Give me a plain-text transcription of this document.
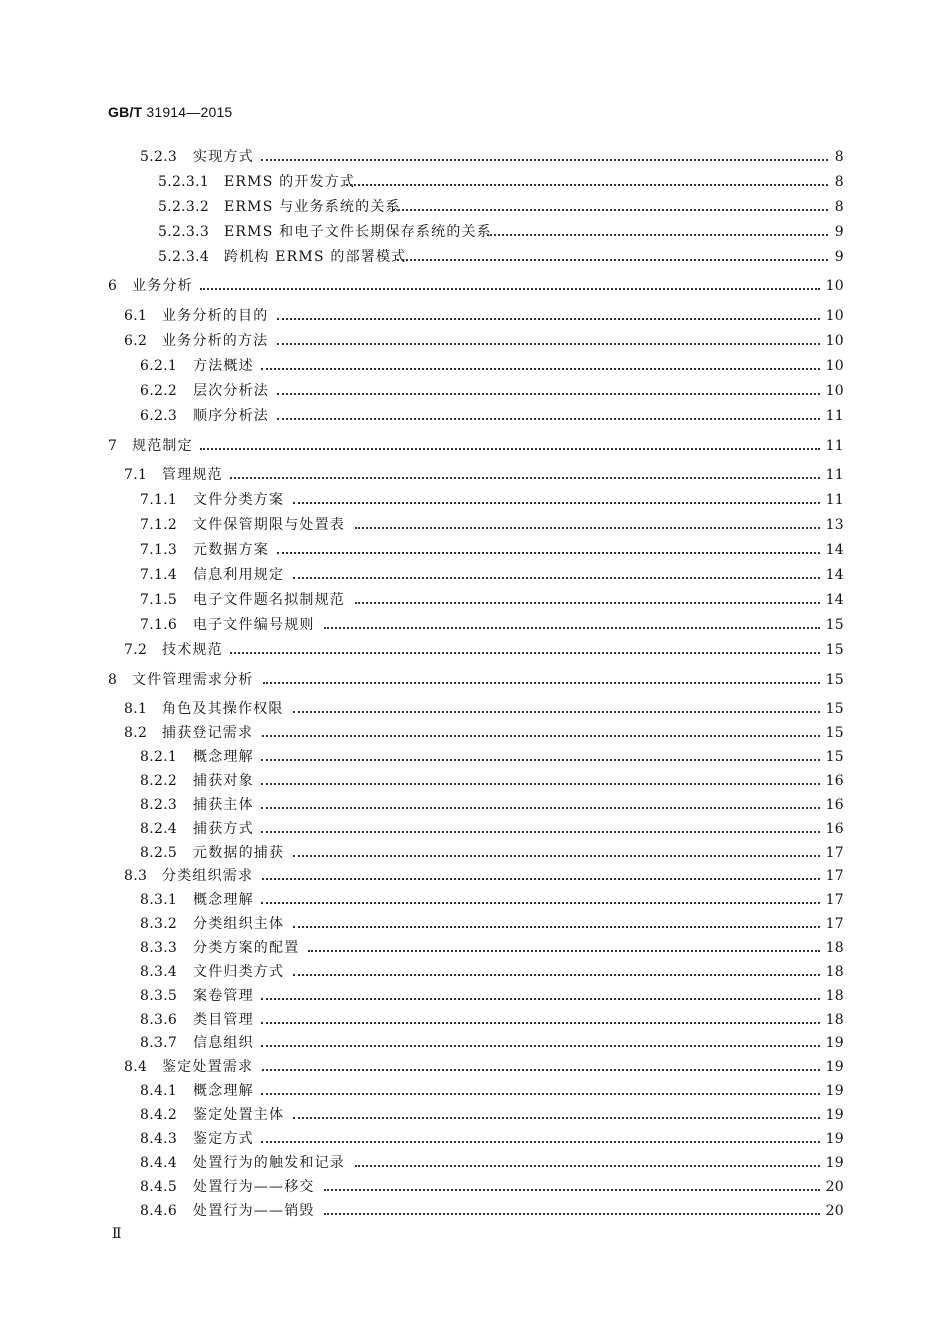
GB/T 31914—2015
5.2.3 实现方式	8
5.2.3.1 ERMS 的开发方式	8
5.2.3.2 ERMS 与业务系统的关系	8
5.2.3.3 ERMS 和电子文件长期保存系统的关系	9
5.2.3.4 跨机构 ERMS 的部署模式	9
6 业务分析	10
6.1 业务分析的目的	10
6.2 业务分析的方法	10
6.2.1 方法概述	10
6.2.2 层次分析法	10
6.2.3 顺序分析法	11
7 规范制定	11
7.1 管理规范	11
7.1.1 文件分类方案	11
7.1.2 文件保管期限与处置表	13
7.1.3 元数据方案	14
7.1.4 信息利用规定	14
7.1.5 电子文件题名拟制规范	14
7.1.6 电子文件编号规则	15
7.2 技术规范	15
8 文件管理需求分析	15
8.1 角色及其操作权限	15
8.2 捕获登记需求	15
8.2.1 概念理解	15
8.2.2 捕获对象	16
8.2.3 捕获主体	16
8.2.4 捕获方式	16
8.2.5 元数据的捕获	17
8.3 分类组织需求	17
8.3.1 概念理解	17
8.3.2 分类组织主体	17
8.3.3 分类方案的配置	18
8.3.4 文件归类方式	18
8.3.5 案卷管理	18
8.3.6 类目管理	18
8.3.7 信息组织	19
8.4 鉴定处置需求	19
8.4.1 概念理解	19
8.4.2 鉴定处置主体	19
8.4.3 鉴定方式	19
8.4.4 处置行为的触发和记录	19
8.4.5 处置行为——移交	20
8.4.6 处置行为——销毁	20
Ⅱ
